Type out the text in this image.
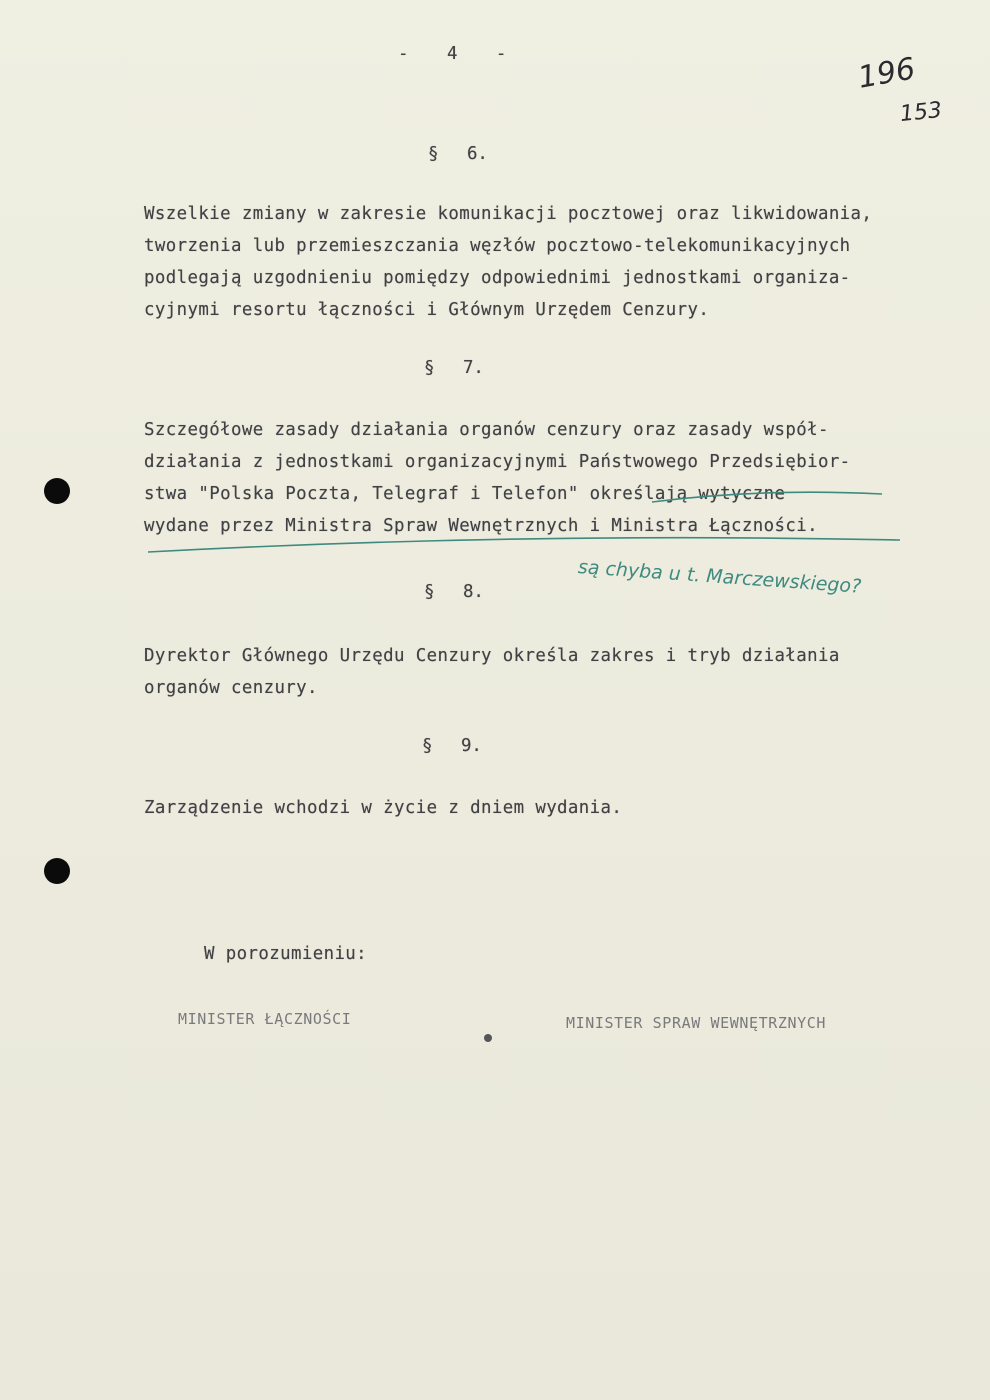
- 4 -	196
153
§ 6.
Wszelkie zmiany w zakresie komunikacji pocztowej oraz likwidowania,
tworzenia lub przemieszczania węzłów pocztowo-telekomunikacyjnych
podlegają uzgodnieniu pomiędzy odpowiednimi jednostkami organiza-
cyjnymi resortu łączności i Głównym Urzędem Cenzury.
§ 7.
Szczegółowe zasady działania organów cenzury oraz zasady współ-
działania z jednostkami organizacyjnymi Państwowego Przedsiębior-
stwa "Polska Poczta, Telegraf i Telefon" określają wytyczne
wydane przez Ministra Spraw Wewnętrznych i Ministra Łączności.
są chyba u t. Marczewskiego?
§ 8.
Dyrektor Głównego Urzędu Cenzury określa zakres i tryb działania
organów cenzury.
§ 9.
Zarządzenie wchodzi w życie z dniem wydania.
W porozumieniu:
MINISTER ŁĄCZNOŚCI	MINISTER SPRAW WEWNĘTRZNYCH
